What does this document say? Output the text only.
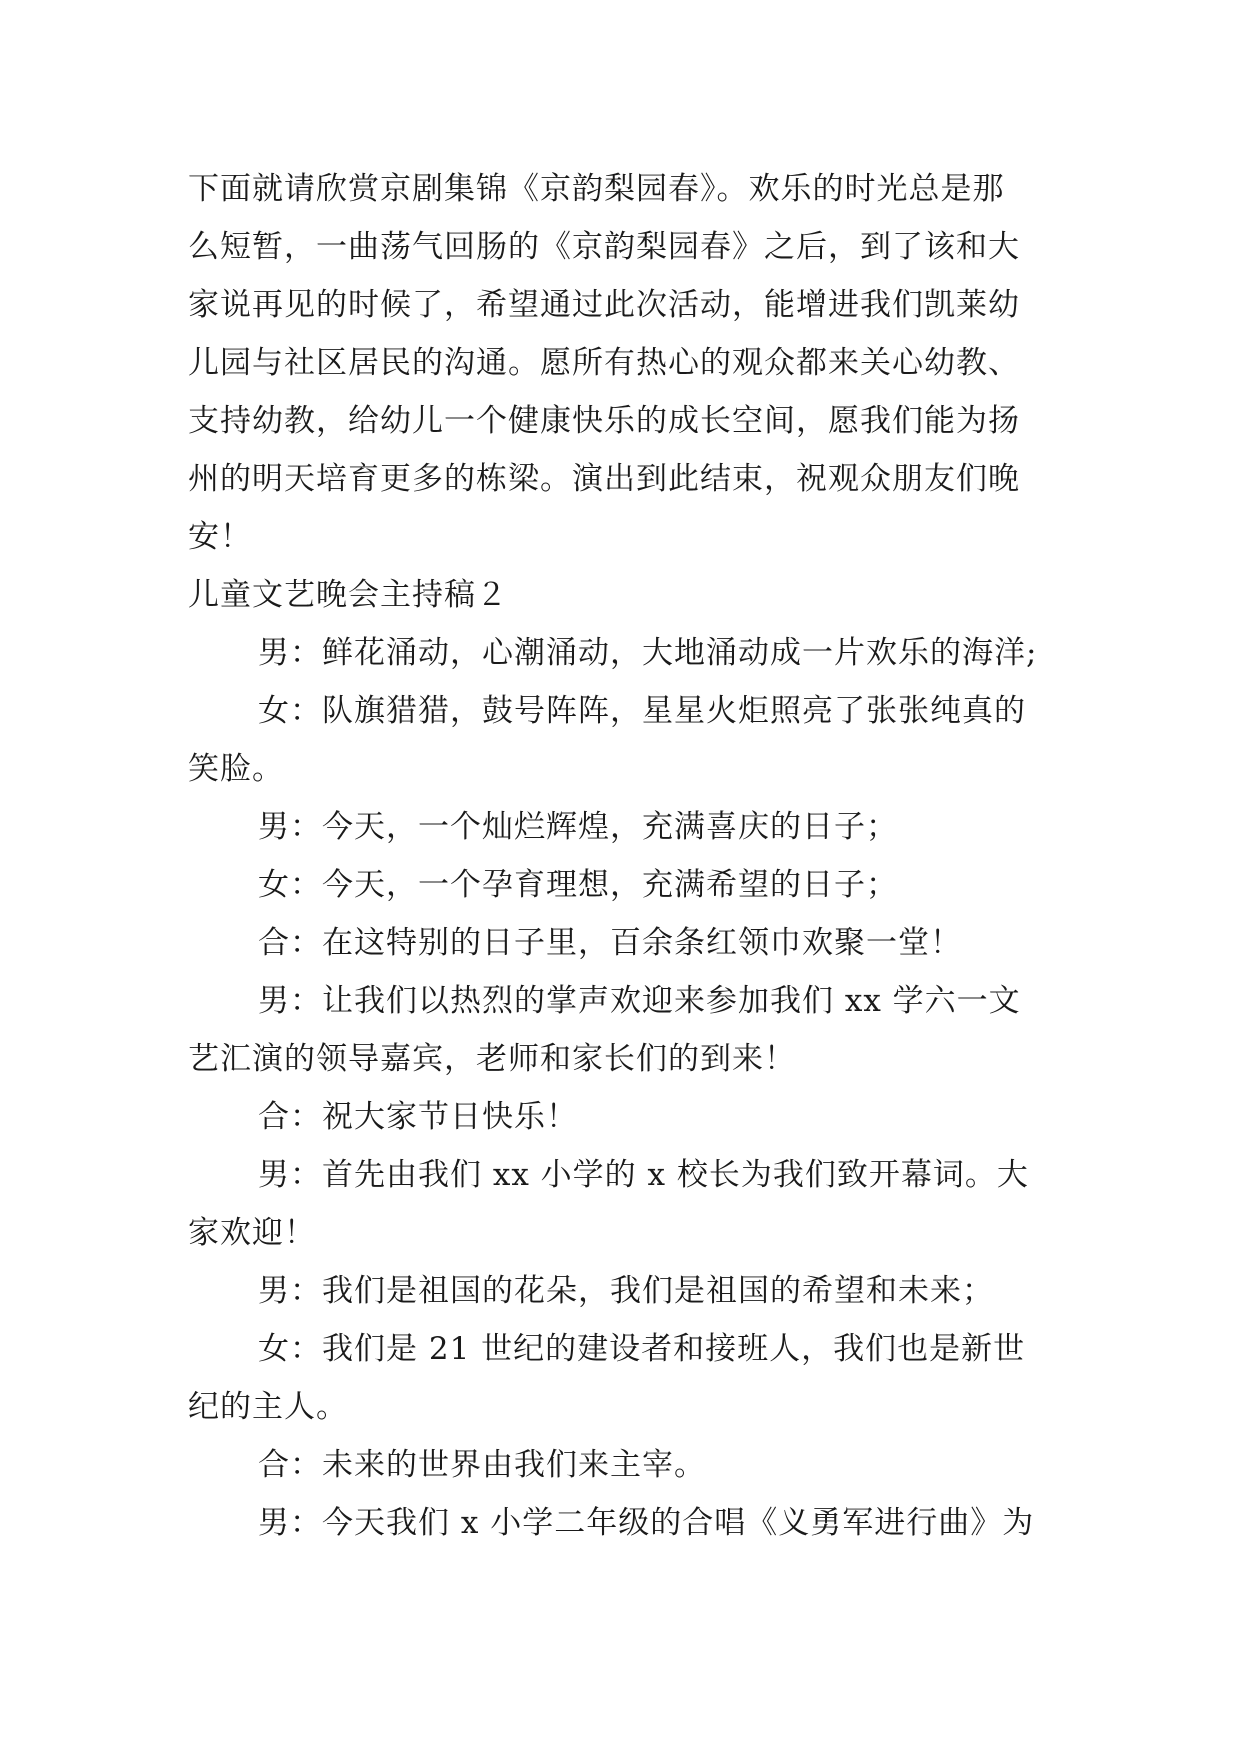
下面就请欣赏京剧集锦《京韵梨园春》。欢乐的时光总是那
么短暂，一曲荡气回肠的《京韵梨园春》之后，到了该和大
家说再见的时候了，希望通过此次活动，能增进我们凯莱幼
儿园与社区居民的沟通。愿所有热心的观众都来关心幼教、
支持幼教，给幼儿一个健康快乐的成长空间，愿我们能为扬
州的明天培育更多的栋梁。演出到此结束，祝观众朋友们晚
安！
儿童文艺晚会主持稿２
男：鲜花涌动，心潮涌动，大地涌动成一片欢乐的海洋;
女：队旗猎猎，鼓号阵阵，星星火炬照亮了张张纯真的
笑脸。
男：今天，一个灿烂辉煌，充满喜庆的日子；
女：今天，一个孕育理想，充满希望的日子；
合：在这特别的日子里，百余条红领巾欢聚一堂！
男：让我们以热烈的掌声欢迎来参加我们 xx 学六一文
艺汇演的领导嘉宾，老师和家长们的到来！
合：祝大家节日快乐！
男：首先由我们 xx 小学的 x 校长为我们致开幕词。大
家欢迎！
男：我们是祖国的花朵，我们是祖国的希望和未来；
女：我们是 21 世纪的建设者和接班人，我们也是新世
纪的主人。
合：未来的世界由我们来主宰。
男：今天我们 x 小学二年级的合唱《义勇军进行曲》为
